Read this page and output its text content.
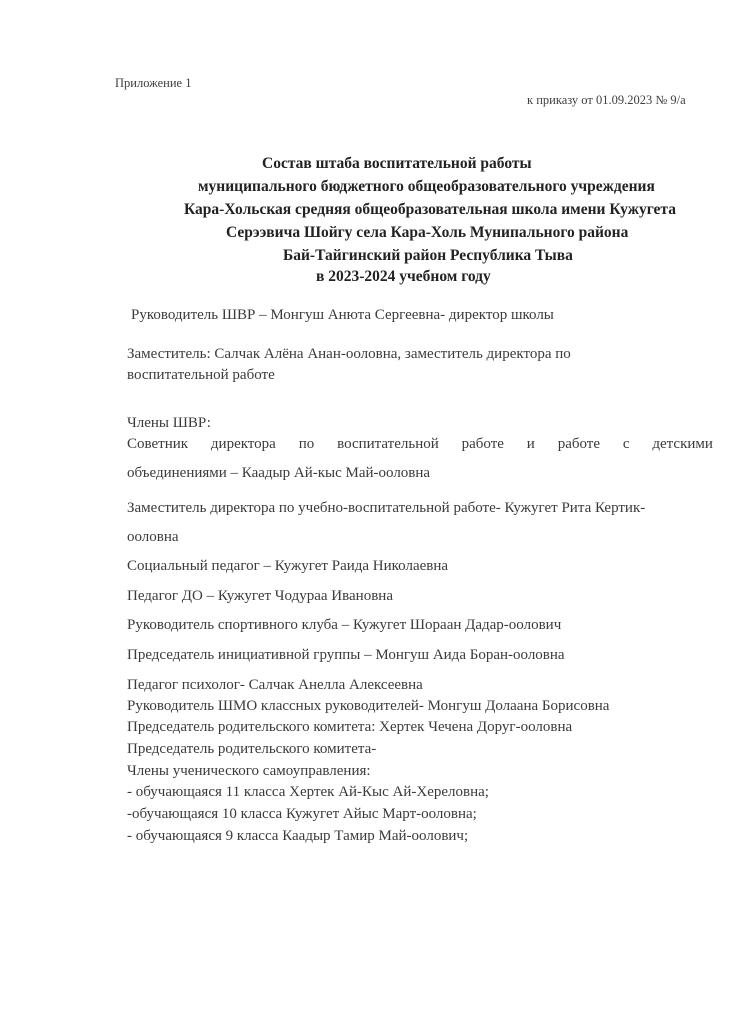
Приложение 1
к приказу от 01.09.2023 № 9/а
Состав штаба воспитательной работы
муниципального бюджетного общеобразовательного учреждения
Кара-Хольская средняя общеобразовательная школа имени Кужугета
Серээвича Шойгу села Кара-Холь Мунипального района
Бай-Тайгинский район Республика Тыва
в 2023-2024 учебном году
Руководитель ШВР – Монгуш Анюта Сергеевна- директор школы
Заместитель: Салчак Алёна Анан-ооловна, заместитель директора по
воспитательной работе
Члены ШВР:
Советник директора по воспитательной работе и работе с детскими
объединениями – Каадыр Ай-кыс Май-ооловна
Заместитель директора по учебно-воспитательной работе- Кужугет Рита Кертик-
ооловна
Социальный педагог – Кужугет Раида Николаевна
Педагог ДО – Кужугет Чодураа Ивановна
Руководитель спортивного клуба – Кужугет Шораан Дадар-оолович
Председатель инициативной группы – Монгуш Аида Боран-ооловна
Педагог психолог- Салчак Анелла Алексеевна
Руководитель ШМО классных руководителей- Монгуш Долаана Борисовна
Председатель родительского комитета: Хертек Чечена Доруг-ооловна
Председатель родительского комитета-
Члены ученического самоуправления:
- обучающаяся 11 класса Хертек Ай-Кыс Ай-Хереловна;
-обучающаяся 10 класса Кужугет Айыс Март-ооловна;
- обучающаяся 9 класса Каадыр Тамир Май-оолович;
